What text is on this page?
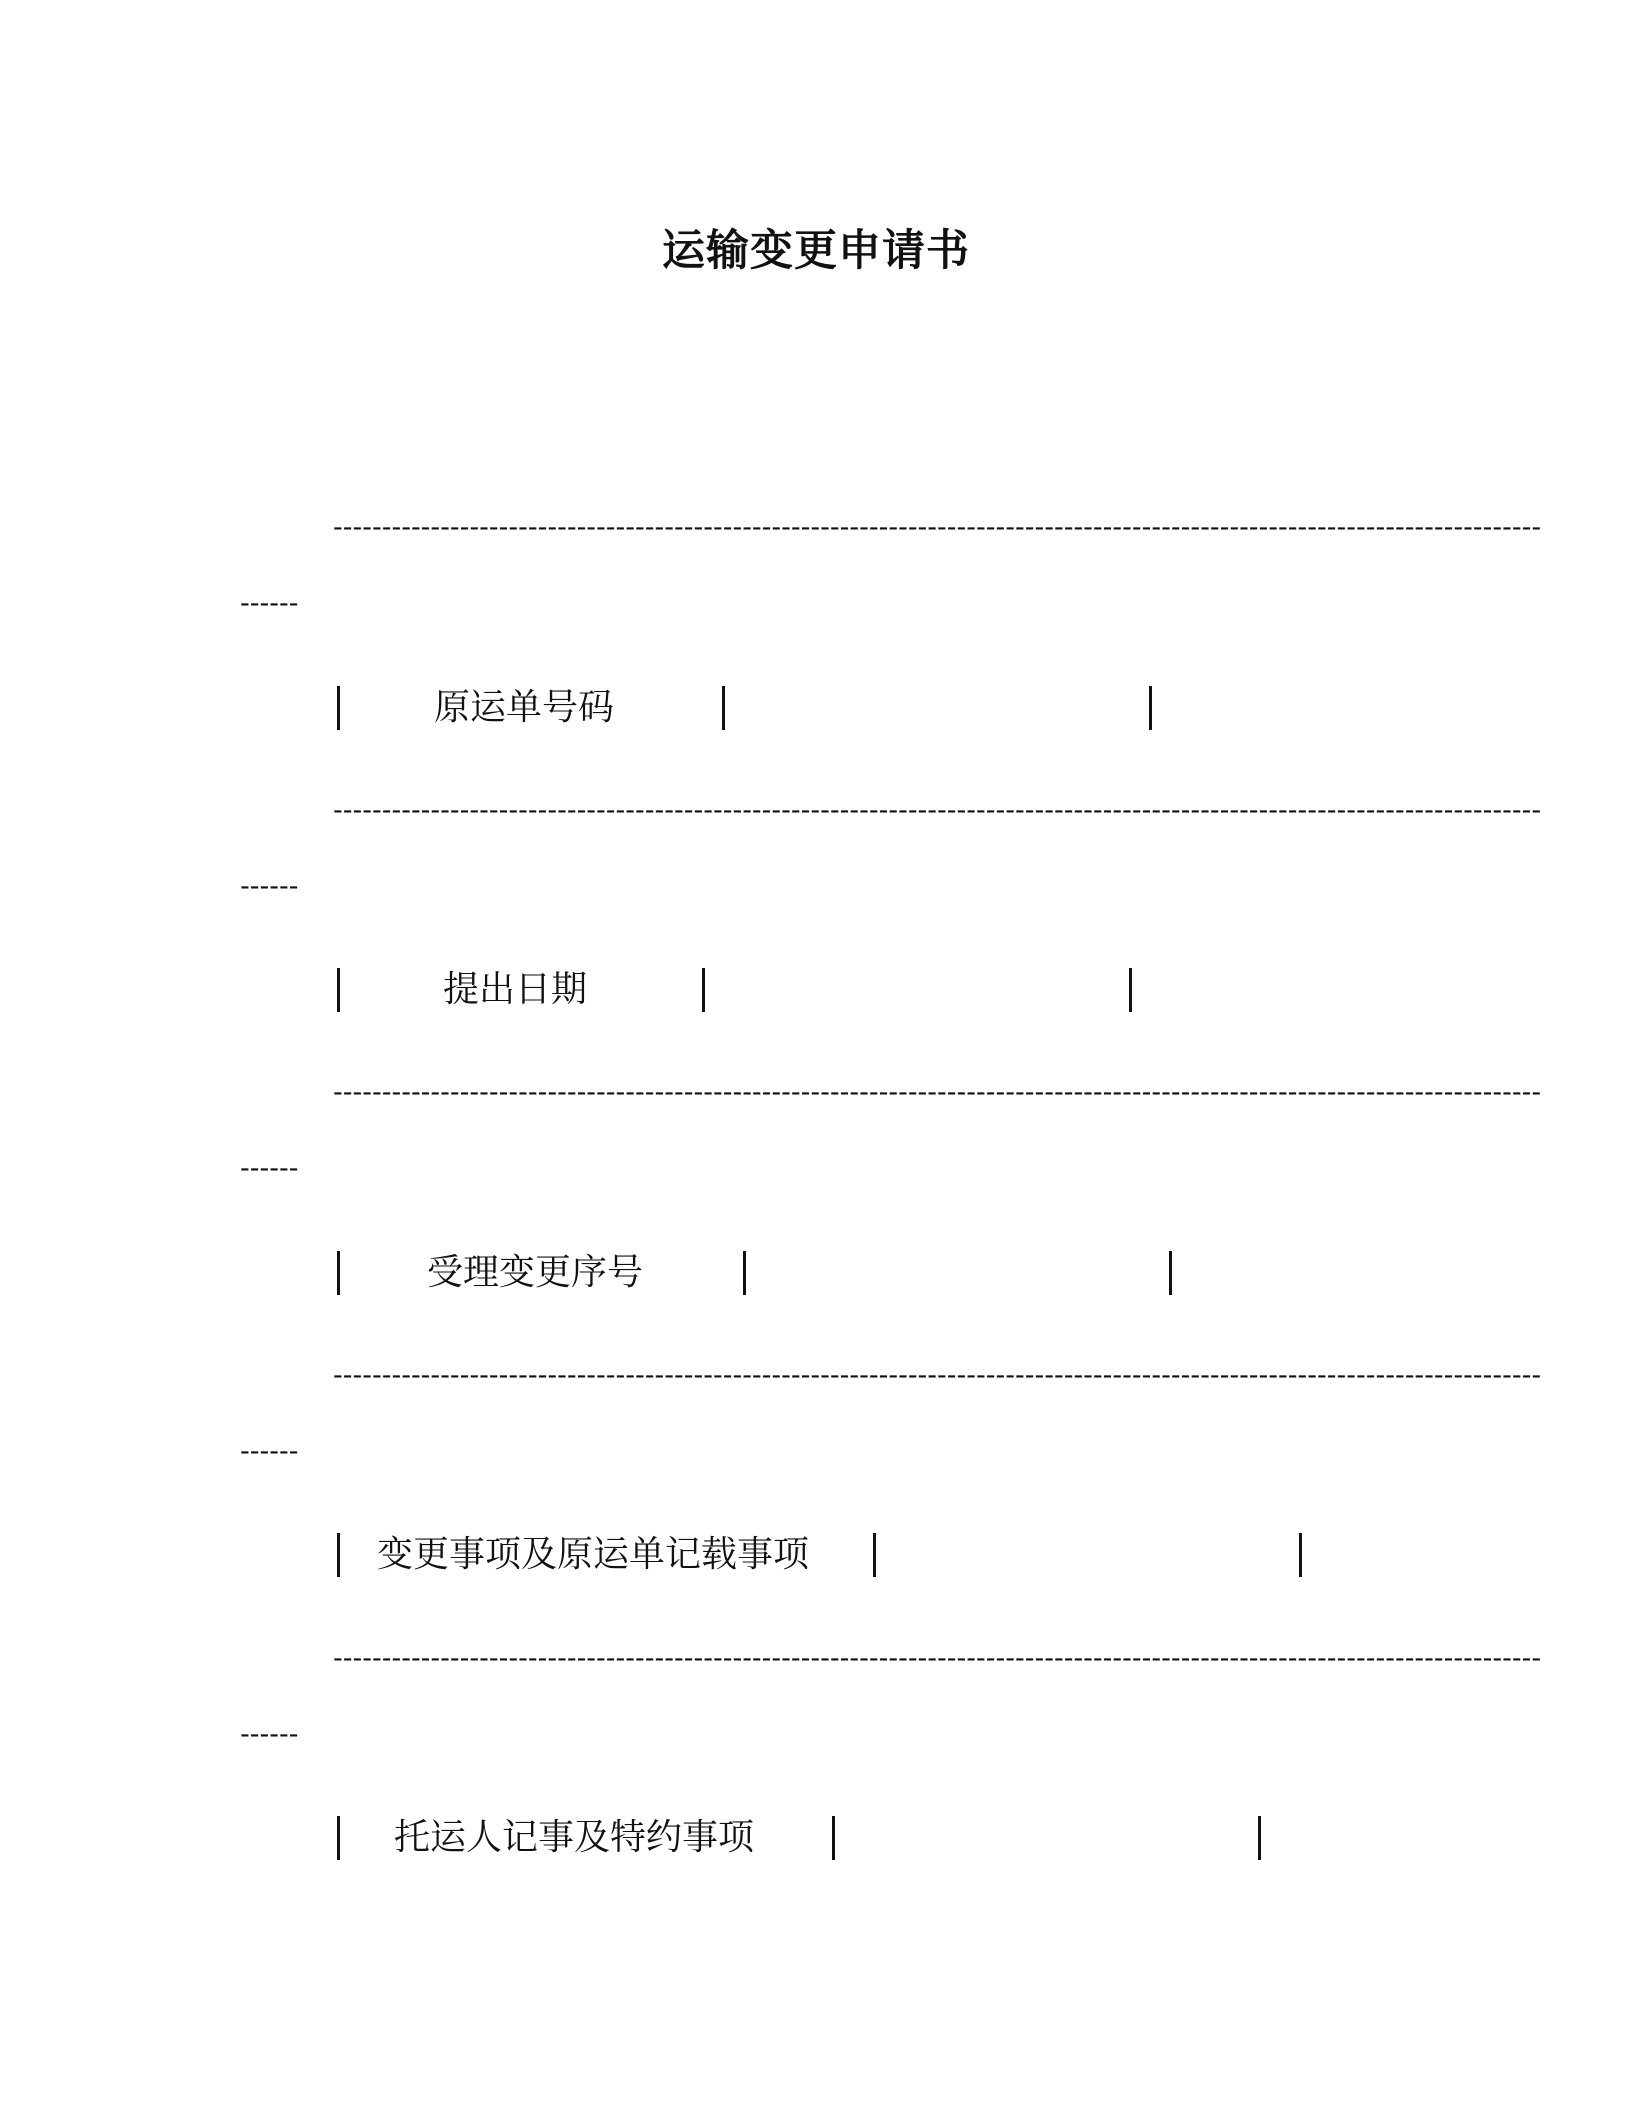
运输变更申请书
----------------------------------------------------------------------------------------------------------------------------
------
原运单号码
----------------------------------------------------------------------------------------------------------------------------
------
提出日期
----------------------------------------------------------------------------------------------------------------------------
------
受理变更序号
----------------------------------------------------------------------------------------------------------------------------
------
变更事项及原运单记载事项
----------------------------------------------------------------------------------------------------------------------------
------
托运人记事及特约事项
